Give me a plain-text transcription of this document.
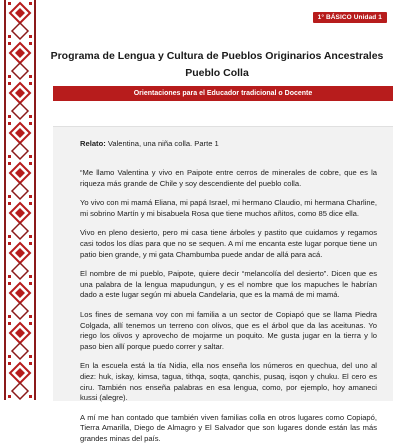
1° BÁSICO Unidad 1
Programa de Lengua y Cultura de Pueblos Originarios Ancestrales
Pueblo Colla
Orientaciones para el Educador tradicional o Docente
Relato: Valentina, una niña colla. Parte 1

“Me llamo Valentina y vivo en Paipote entre cerros de minerales de cobre, que es la riqueza más grande de Chile y soy descendiente del pueblo colla.

Yo vivo con mi mamá Eliana, mi papá Israel, mi hermano Claudio, mi hermana Charline, mi sobrino Martín y mi bisabuela Rosa que tiene muchos añitos, como 85 dice ella.

Vivo en pleno desierto, pero mi casa tiene árboles y pastito que cuidamos y regamos casi todos los días para que no se sequen. A mí me encanta este lugar porque tiene un patio bien grande, y mi gata Chambumba puede andar de allá para acá.

El nombre de mi pueblo, Paipote, quiere decir “melancolía del desierto”. Dicen que es una palabra de la lengua mapudungun, y es el nombre que los mapuches le habrían dado a este lugar según mi abuela Candelaria, que es la mamá de mi mamá.

Los fines de semana voy con mi familia a un sector de Copiapó que se llama Piedra Colgada, allí tenemos un terreno con olivos, que es el árbol que da las aceitunas. Yo riego los olivos y aprovecho de mojarme un poquito. Me gusta jugar en la tierra y lo paso bien allí porque puedo correr y saltar.

En la escuela está la tía Nidia, ella nos enseña los números en quechua, del uno al diez: huk, iskay, kimsa, tagua, tithqa, soqta, qanchis, pusaq, isqon y chuku. El cero es ciru. También nos enseña palabras en esa lengua, como, por ejemplo, hoy amaneci kussi (alegre).

A mí me han contado que también viven familias colla en otros lugares como Copiapó, Tierra Amarilla, Diego de Almagro y El Salvador que son lugares donde están las más grandes minas del país.
